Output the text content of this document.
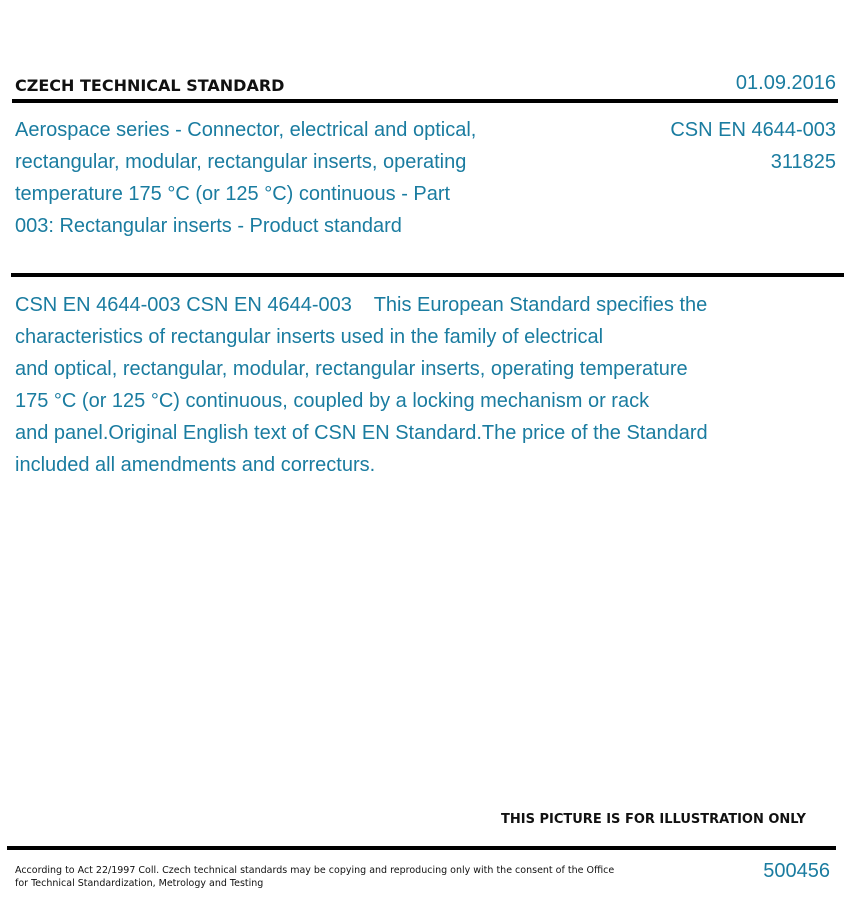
CZECH TECHNICAL STANDARD	01.09.2016
Aerospace series - Connector, electrical and optical,
rectangular, modular, rectangular inserts, operating
temperature 175 °C (or 125 °C) continuous - Part
003: Rectangular inserts - Product standard
CSN EN 4644-003
311825
CSN EN 4644-003 CSN EN 4644-003    This European Standard specifies the
characteristics of rectangular inserts used in the family of electrical
and optical, rectangular, modular, rectangular inserts, operating temperature
175 °C (or 125 °C) continuous, coupled by a locking mechanism or rack
and panel.Original English text of CSN EN Standard.The price of the Standard
included all amendments and correcturs.
THIS PICTURE IS FOR ILLUSTRATION ONLY
According to Act 22/1997 Coll. Czech technical standards may be copying and reproducing only with the consent of the Office
for Technical Standardization, Metrology and Testing
500456
